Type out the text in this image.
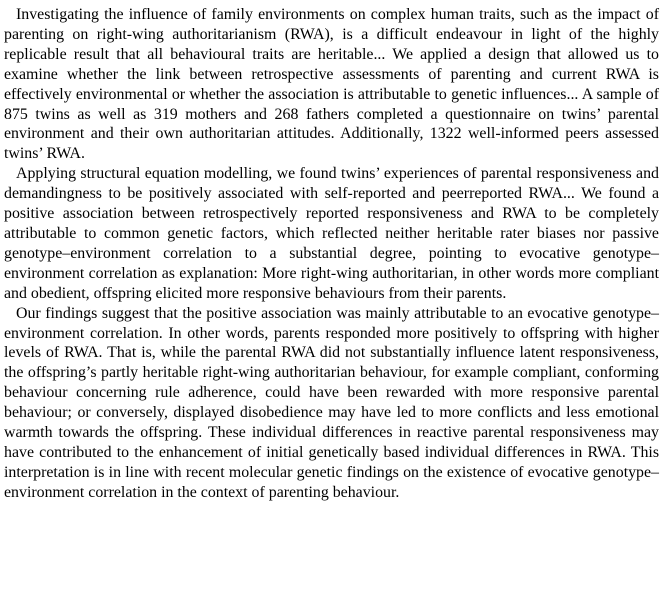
Investigating the influence of family environments on complex human traits, such as the impact of parenting on right-wing authoritarianism (RWA), is a difficult endeavour in light of the highly replicable result that all behavioural traits are heritable... We applied a design that allowed us to examine whether the link between retrospective assessments of parenting and current RWA is effectively environmental or whether the association is attributable to genetic influences... A sample of 875 twins as well as 319 mothers and 268 fathers completed a questionnaire on twins’ parental environment and their own authoritarian attitudes. Additionally, 1322 well-informed peers assessed twins’ RWA.

Applying structural equation modelling, we found twins’ experiences of parental responsiveness and demandingness to be positively associated with self-reported and peerreported RWA... We found a positive association between retrospectively reported responsiveness and RWA to be completely attributable to common genetic factors, which reflected neither heritable rater biases nor passive genotype–environment correlation to a substantial degree, pointing to evocative genotype–environment correlation as explanation: More right-wing authoritarian, in other words more compliant and obedient, offspring elicited more responsive behaviours from their parents.

Our findings suggest that the positive association was mainly attributable to an evocative genotype–environment correlation. In other words, parents responded more positively to offspring with higher levels of RWA. That is, while the parental RWA did not substantially influence latent responsiveness, the offspring’s partly heritable right-wing authoritarian behaviour, for example compliant, conforming behaviour concerning rule adherence, could have been rewarded with more responsive parental behaviour; or conversely, displayed disobedience may have led to more conflicts and less emotional warmth towards the offspring. These individual differences in reactive parental responsiveness may have contributed to the enhancement of initial genetically based individual differences in RWA. This interpretation is in line with recent molecular genetic findings on the existence of evocative genotype–environment correlation in the context of parenting behaviour.
